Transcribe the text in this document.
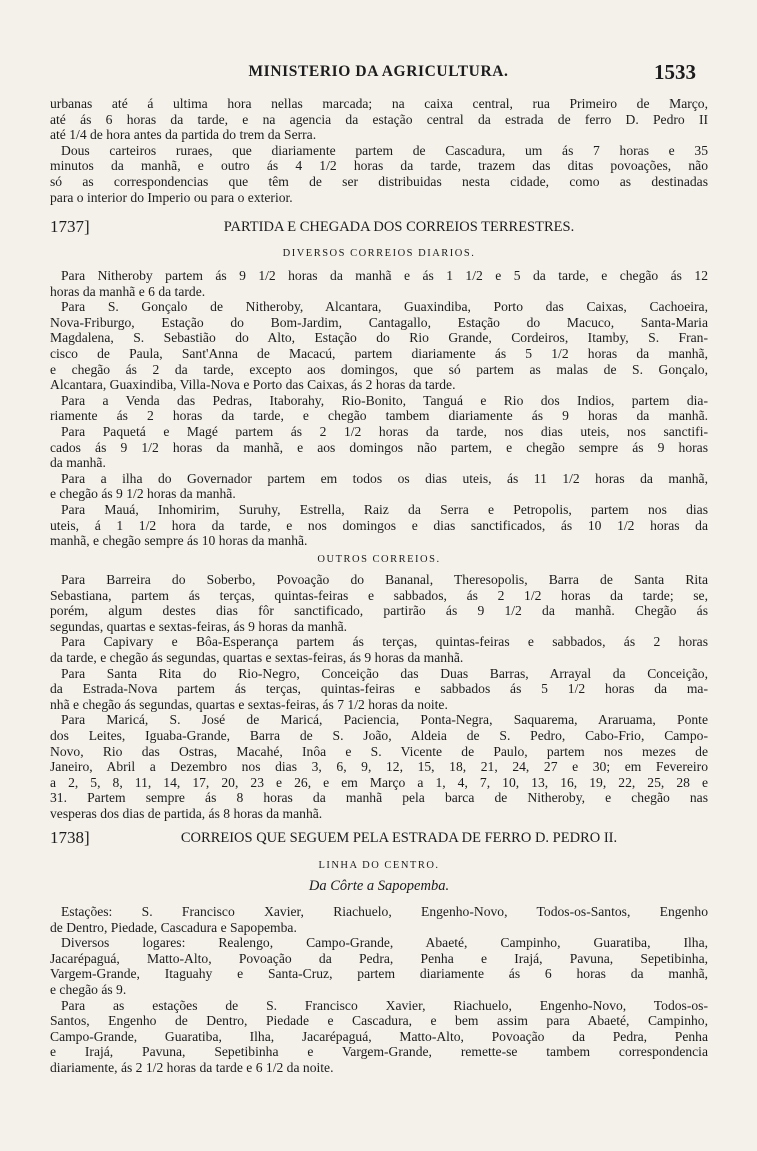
MINISTERIO DA AGRICULTURA.	1533
urbanas até á ultima hora nellas marcada; na caixa central, rua Primeiro de Março,
até ás 6 horas da tarde, e na agencia da estação central da estrada de ferro D. Pedro II
até 1/4 de hora antes da partida do trem da Serra.
Dous carteiros ruraes, que diariamente partem de Cascadura, um ás 7 horas e 35
minutos da manhã, e outro ás 4 1/2 horas da tarde, trazem das ditas povoações, não
só as correspondencias que têm de ser distribuidas nesta cidade, como as destinadas
para o interior do Imperio ou para o exterior.
1737]	PARTIDA E CHEGADA DOS CORREIOS TERRESTRES.
DIVERSOS CORREIOS DIARIOS.
Para Nitheroby partem ás 9 1/2 horas da manhã e ás 1 1/2 e 5 da tarde, e chegão ás 12
horas da manhã e 6 da tarde.
Para S. Gonçalo de Nitheroby, Alcantara, Guaxindiba, Porto das Caixas, Cachoeira,
Nova-Friburgo, Estação do Bom-Jardim, Cantagallo, Estação do Macuco, Santa-Maria
Magdalena, S. Sebastião do Alto, Estação do Rio Grande, Cordeiros, Itamby, S. Fran-
cisco de Paula, Sant'Anna de Macacú, partem diariamente ás 5 1/2 horas da manhã,
e chegão ás 2 da tarde, excepto aos domingos, que só partem as malas de S. Gonçalo,
Alcantara, Guaxindiba, Villa-Nova e Porto das Caixas, ás 2 horas da tarde.
Para a Venda das Pedras, Itaborahy, Rio-Bonito, Tanguá e Rio dos Indios, partem dia-
riamente ás 2 horas da tarde, e chegão tambem diariamente ás 9 horas da manhã.
Para Paquetá e Magé partem ás 2 1/2 horas da tarde, nos dias uteis, nos sanctifi-
cados ás 9 1/2 horas da manhã, e aos domingos não partem, e chegão sempre ás 9 horas
da manhã.
Para a ilha do Governador partem em todos os dias uteis, ás 11 1/2 horas da manhã,
e chegão ás 9 1/2 horas da manhã.
Para Mauá, Inhomirim, Suruhy, Estrella, Raiz da Serra e Petropolis, partem nos dias
uteis, á 1 1/2 hora da tarde, e nos domingos e dias sanctificados, ás 10 1/2 horas da
manhã, e chegão sempre ás 10 horas da manhã.
OUTROS CORREIOS.
Para Barreira do Soberbo, Povoação do Bananal, Theresopolis, Barra de Santa Rita
Sebastiana, partem ás terças, quintas-feiras e sabbados, ás 2 1/2 horas da tarde; se,
porém, algum destes dias fôr sanctificado, partirão ás 9 1/2 da manhã. Chegão ás
segundas, quartas e sextas-feiras, ás 9 horas da manhã.
Para Capivary e Bôa-Esperança partem ás terças, quintas-feiras e sabbados, ás 2 horas
da tarde, e chegão ás segundas, quartas e sextas-feiras, ás 9 horas da manhã.
Para Santa Rita do Rio-Negro, Conceição das Duas Barras, Arrayal da Conceição,
da Estrada-Nova partem ás terças, quintas-feiras e sabbados ás 5 1/2 horas da ma-
nhã e chegão ás segundas, quartas e sextas-feiras, ás 7 1/2 horas da noite.
Para Maricá, S. José de Maricá, Paciencia, Ponta-Negra, Saquarema, Araruama, Ponte
dos Leites, Iguaba-Grande, Barra de S. João, Aldeia de S. Pedro, Cabo-Frio, Campo-
Novo, Rio das Ostras, Macahé, Inôa e S. Vicente de Paulo, partem nos mezes de
Janeiro, Abril a Dezembro nos dias 3, 6, 9, 12, 15, 18, 21, 24, 27 e 30; em Fevereiro
a 2, 5, 8, 11, 14, 17, 20, 23 e 26, e em Março a 1, 4, 7, 10, 13, 16, 19, 22, 25, 28 e
31. Partem sempre ás 8 horas da manhã pela barca de Nitheroby, e chegão nas
vesperas dos dias de partida, ás 8 horas da manhã.
1738]	CORREIOS QUE SEGUEM PELA ESTRADA DE FERRO D. PEDRO II.
LINHA DO CENTRO.
Da Côrte a Sapopemba.
Estações: S. Francisco Xavier, Riachuelo, Engenho-Novo, Todos-os-Santos, Engenho
de Dentro, Piedade, Cascadura e Sapopemba.
Diversos logares: Realengo, Campo-Grande, Abaeté, Campinho, Guaratiba, Ilha,
Jacarépaguá, Matto-Alto, Povoação da Pedra, Penha e Irajá, Pavuna, Sepetibinha,
Vargem-Grande, Itaguahy e Santa-Cruz, partem diariamente ás 6 horas da manhã,
e chegão ás 9.
Para as estações de S. Francisco Xavier, Riachuelo, Engenho-Novo, Todos-os-
Santos, Engenho de Dentro, Piedade e Cascadura, e bem assim para Abaeté, Campinho,
Campo-Grande, Guaratiba, Ilha, Jacarépaguá, Matto-Alto, Povoação da Pedra, Penha
e Irajá, Pavuna, Sepetibinha e Vargem-Grande, remette-se tambem correspondencia
diariamente, ás 2 1/2 horas da tarde e 6 1/2 da noite.
